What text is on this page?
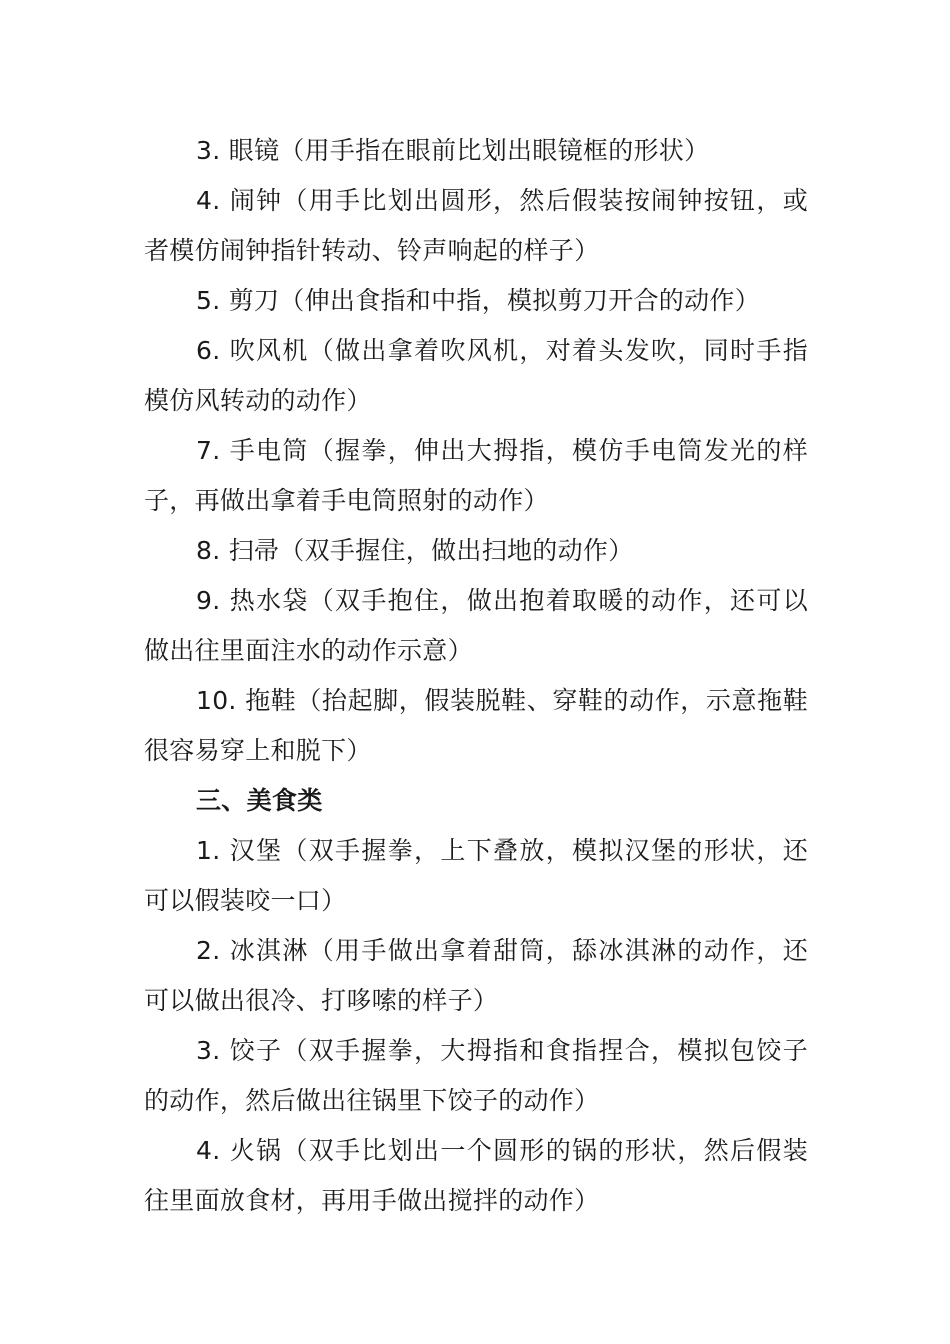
3. 眼镜（用手指在眼前比划出眼镜框的形状）

4. 闹钟（用手比划出圆形，然后假装按闹钟按钮，或者模仿闹钟指针转动、铃声响起的样子）

5. 剪刀（伸出食指和中指，模拟剪刀开合的动作）

6. 吹风机（做出拿着吹风机，对着头发吹，同时手指模仿风转动的动作）

7. 手电筒（握拳，伸出大拇指，模仿手电筒发光的样子，再做出拿着手电筒照射的动作）

8. 扫帚（双手握住，做出扫地的动作）

9. 热水袋（双手抱住，做出抱着取暖的动作，还可以做出往里面注水的动作示意）

10. 拖鞋（抬起脚，假装脱鞋、穿鞋的动作，示意拖鞋很容易穿上和脱下）

三、美食类

1. 汉堡（双手握拳，上下叠放，模拟汉堡的形状，还可以假装咬一口）

2. 冰淇淋（用手做出拿着甜筒，舔冰淇淋的动作，还可以做出很冷、打哆嗦的样子）

3. 饺子（双手握拳，大拇指和食指捏合，模拟包饺子的动作，然后做出往锅里下饺子的动作）

4. 火锅（双手比划出一个圆形的锅的形状，然后假装往里面放食材，再用手做出搅拌的动作）
